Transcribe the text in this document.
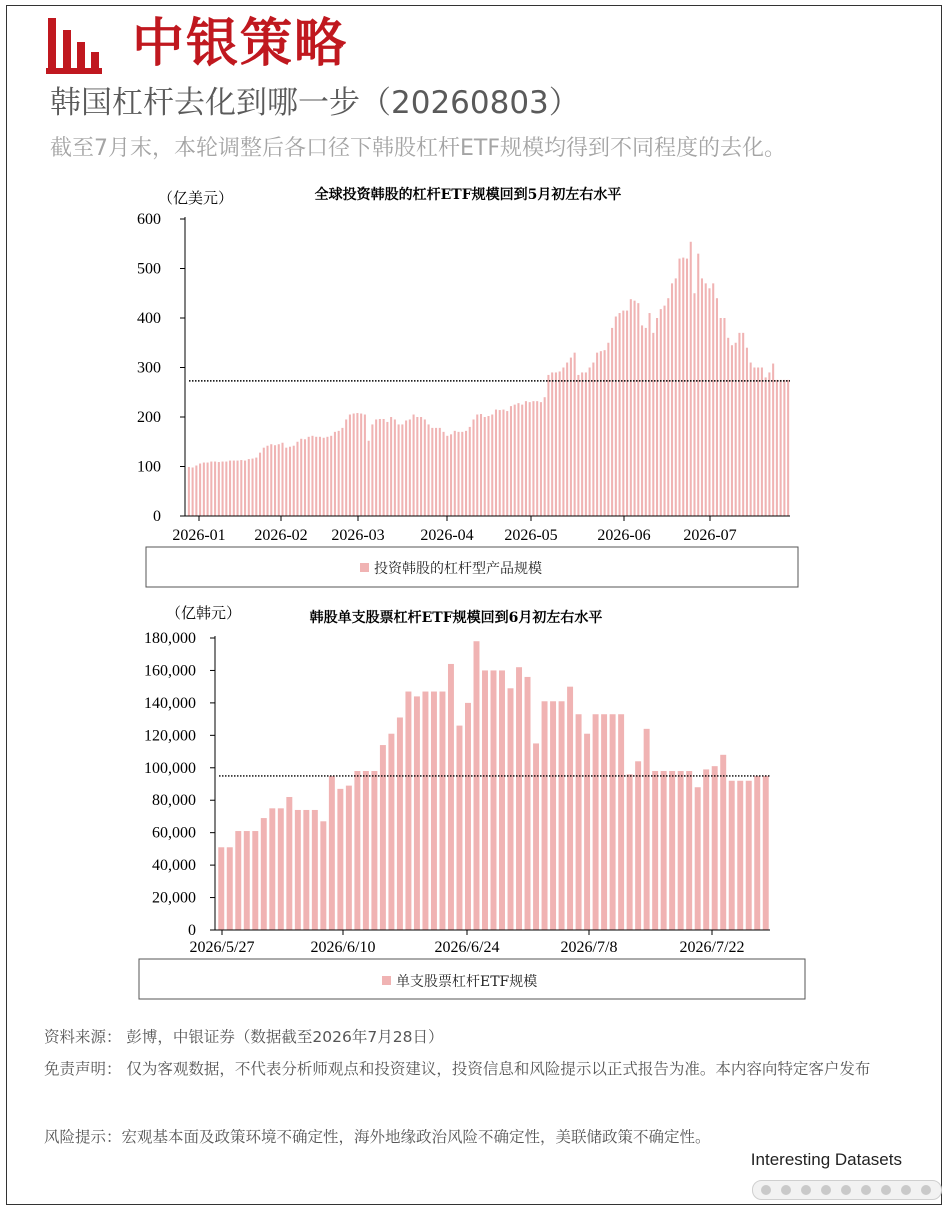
中银策略
韩国杠杆去化到哪一步（20260803）
截至7月末，本轮调整后各口径下韩股杠杆ETF规模均得到不同程度的去化。
（亿美元）	全球投资韩股的杠杆ETF规模回到5月初左右水平
0
100
200
300
400
500
600
2026-01 2026-02 2026-03 2026-04 2026-05 2026-06 2026-07
投资韩股的杠杆型产品规模
（亿韩元）	韩股单支股票杠杆ETF规模回到6月初左右水平
0
20,000
40,000
60,000
80,000
100,000
120,000
140,000
160,000
180,000
2026/5/27	2026/6/10	2026/6/24	2026/7/8	2026/7/22
单支股票杠杆ETF规模
资料来源： 彭博，中银证券（数据截至2026年7月28日）
免责声明： 仅为客观数据，不代表分析师观点和投资建议，投资信息和风险提示以正式报告为准。本内容向特定客户发布
风险提示：宏观基本面及政策环境不确定性，海外地缘政治风险不确定性，美联储政策不确定性。
Interesting Datasets
